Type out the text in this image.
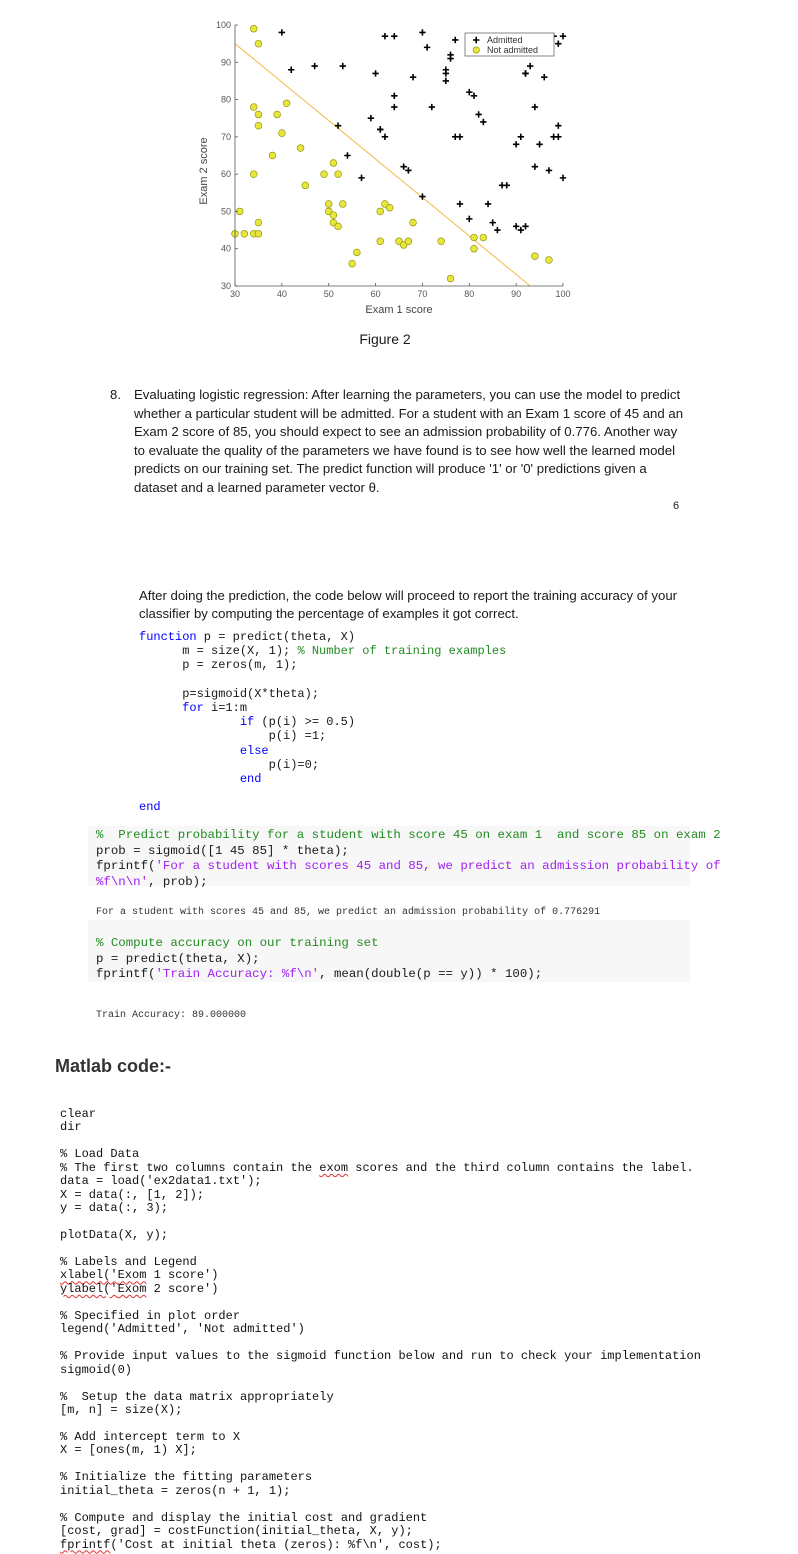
30	40	50	60	70	80	90	100
30
40
50
60
70
80
90
100
Admitted
Not admitted
Exam 1 score
Exam 2 score
Figure 2
8. Evaluating logistic regression: After learning the parameters, you can use the model to predict whether a particular student will be admitted. For a student with an Exam 1 score of 45 and an Exam 2 score of 85, you should expect to see an admission probability of 0.776. Another way to evaluate the quality of the parameters we have found is to see how well the learned model predicts on our training set. The predict function will produce '1' or '0' predictions given a dataset and a learned parameter vector θ.
6
After doing the prediction, the code below will proceed to report the training accuracy of your classifier by computing the percentage of examples it got correct.
function p = predict(theta, X)
m = size(X, 1); % Number of training examples
p = zeros(m, 1);

p=sigmoid(X*theta);
for i=1:m
if (p(i) >= 0.5)
p(i) =1;
else
p(i)=0;
end

end
%  Predict probability for a student with score 45 on exam 1  and score 85 on exam 2
prob = sigmoid([1 45 85] * theta);
fprintf('For a student with scores 45 and 85, we predict an admission probability of
%f\n\n', prob);
For a student with scores 45 and 85, we predict an admission probability of 0.776291
% Compute accuracy on our training set
p = predict(theta, X);
fprintf('Train Accuracy: %f\n', mean(double(p == y)) * 100);
Train Accuracy: 89.000000
Matlab code:-
clear
dir

% Load Data
% The first two columns contain the exom scores and the third column contains the label.
data = load('ex2data1.txt');
X = data(:, [1, 2]);
y = data(:, 3);

plotData(X, y);

% Labels and Legend
xlabel('Exom 1 score')
ylabel('Exom 2 score')

% Specified in plot order
legend('Admitted', 'Not admitted')

% Provide input values to the sigmoid function below and run to check your implementation
sigmoid(0)

%  Setup the data matrix appropriately
[m, n] = size(X);

% Add intercept term to X
X = [ones(m, 1) X];

% Initialize the fitting parameters
initial_theta = zeros(n + 1, 1);

% Compute and display the initial cost and gradient
[cost, grad] = costFunction(initial_theta, X, y);
fprintf('Cost at initial theta (zeros): %f\n', cost);
